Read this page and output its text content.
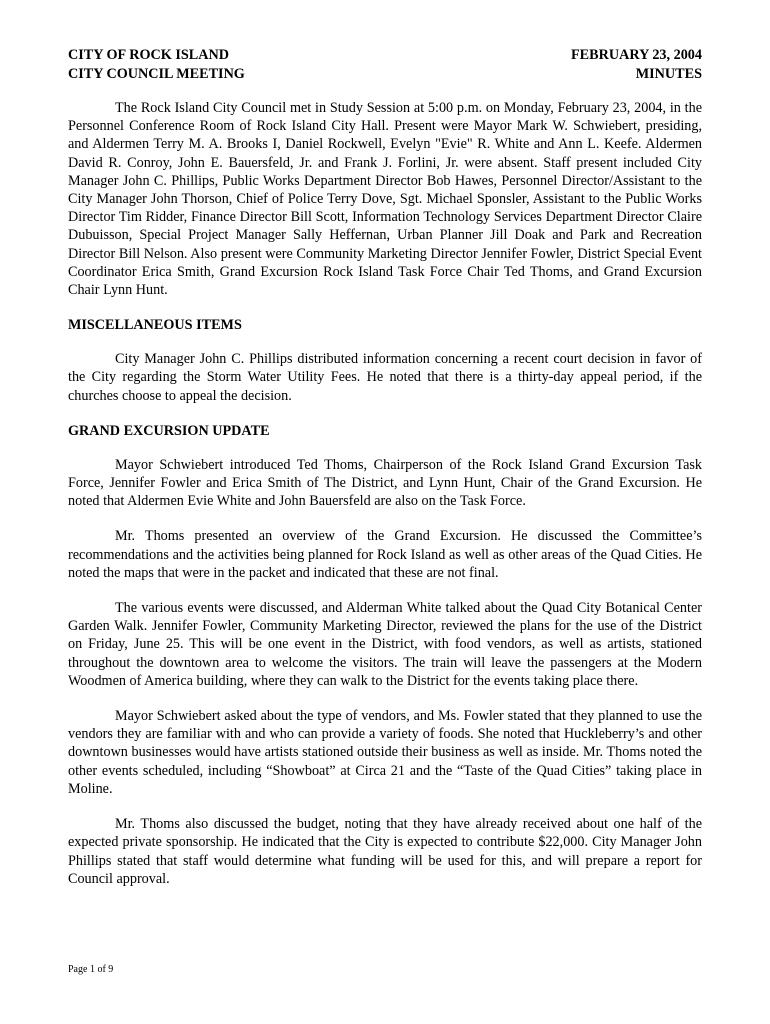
CITY OF ROCK ISLAND	FEBRUARY 23, 2004
CITY COUNCIL MEETING	MINUTES

The Rock Island City Council met in Study Session at 5:00 p.m. on Monday, February 23, 2004, in the Personnel Conference Room of Rock Island City Hall. Present were Mayor Mark W. Schwiebert, presiding, and Aldermen Terry M. A. Brooks I, Daniel Rockwell, Evelyn "Evie" R. White and Ann L. Keefe. Aldermen David R. Conroy, John E. Bauersfeld, Jr. and Frank J. Forlini, Jr. were absent. Staff present included City Manager John C. Phillips, Public Works Department Director Bob Hawes, Personnel Director/Assistant to the City Manager John Thorson, Chief of Police Terry Dove, Sgt. Michael Sponsler, Assistant to the Public Works Director Tim Ridder, Finance Director Bill Scott, Information Technology Services Department Director Claire Dubuisson, Special Project Manager Sally Heffernan, Urban Planner Jill Doak and Park and Recreation Director Bill Nelson. Also present were Community Marketing Director Jennifer Fowler, District Special Event Coordinator Erica Smith, Grand Excursion Rock Island Task Force Chair Ted Thoms, and Grand Excursion Chair Lynn Hunt.

MISCELLANEOUS ITEMS

City Manager John C. Phillips distributed information concerning a recent court decision in favor of the City regarding the Storm Water Utility Fees. He noted that there is a thirty-day appeal period, if the churches choose to appeal the decision.

GRAND EXCURSION UPDATE

Mayor Schwiebert introduced Ted Thoms, Chairperson of the Rock Island Grand Excursion Task Force, Jennifer Fowler and Erica Smith of The District, and Lynn Hunt, Chair of the Grand Excursion. He noted that Aldermen Evie White and John Bauersfeld are also on the Task Force.

Mr. Thoms presented an overview of the Grand Excursion. He discussed the Committee’s recommendations and the activities being planned for Rock Island as well as other areas of the Quad Cities. He noted the maps that were in the packet and indicated that these are not final.

The various events were discussed, and Alderman White talked about the Quad City Botanical Center Garden Walk. Jennifer Fowler, Community Marketing Director, reviewed the plans for the use of the District on Friday, June 25. This will be one event in the District, with food vendors, as well as artists, stationed throughout the downtown area to welcome the visitors. The train will leave the passengers at the Modern Woodmen of America building, where they can walk to the District for the events taking place there.

Mayor Schwiebert asked about the type of vendors, and Ms. Fowler stated that they planned to use the vendors they are familiar with and who can provide a variety of foods. She noted that Huckleberry’s and other downtown businesses would have artists stationed outside their business as well as inside. Mr. Thoms noted the other events scheduled, including “Showboat” at Circa 21 and the “Taste of the Quad Cities” taking place in Moline.

Mr. Thoms also discussed the budget, noting that they have already received about one half of the expected private sponsorship. He indicated that the City is expected to contribute $22,000. City Manager John Phillips stated that staff would determine what funding will be used for this, and will prepare a report for Council approval.

Page 1 of 9
